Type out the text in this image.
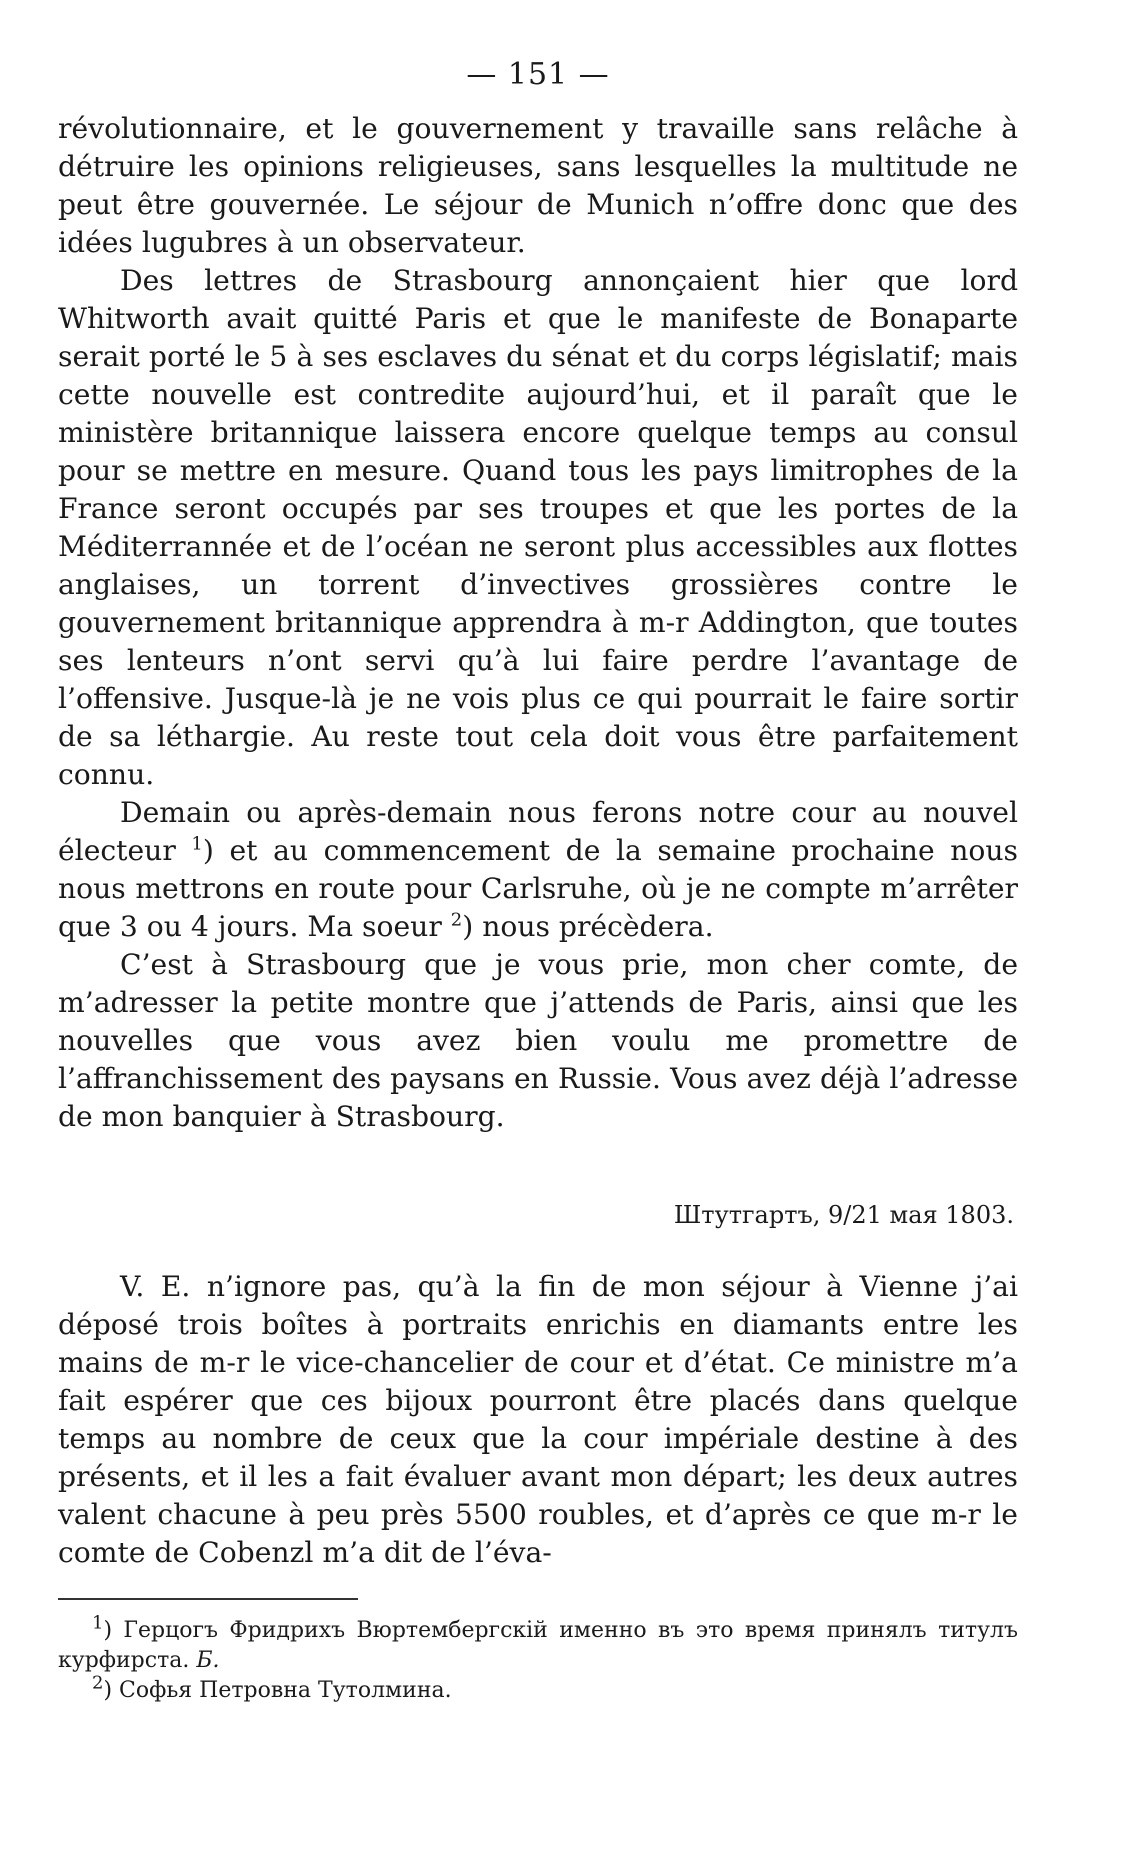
— 151 —

révolutionnaire, et le gouvernement y travaille sans relâche à détruire les opinions religieuses, sans lesquelles la multitude ne peut être gouvernée. Le séjour de Munich n’offre donc que des idées lugubres à un observateur.

Des lettres de Strasbourg annonçaient hier que lord Whitworth avait quitté Paris et que le manifeste de Bonaparte serait porté le 5 à ses esclaves du sénat et du corps législatif; mais cette nouvelle est contredite aujourd’hui, et il paraît que le ministère britannique laissera encore quelque temps au consul pour se mettre en mesure. Quand tous les pays limitrophes de la France seront occupés par ses troupes et que les portes de la Méditerrannée et de l’océan ne seront plus accessibles aux flottes anglaises, un torrent d’invectives grossières contre le gouvernement britannique apprendra à m-r Addington, que toutes ses lenteurs n’ont servi qu’à lui faire perdre l’avantage de l’offensive. Jusque-là je ne vois plus ce qui pourrait le faire sortir de sa léthargie. Au reste tout cela doit vous être parfaitement connu.

Demain ou après-demain nous ferons notre cour au nouvel électeur $^1$) et au commencement de la semaine prochaine nous nous mettrons en route pour Carlsruhe, où je ne compte m’arrêter que 3 ou 4 jours. Ma soeur $^2$) nous précèdera.

C’est à Strasbourg que je vous prie, mon cher comte, de m’adresser la petite montre que j’attends de Paris, ainsi que les nouvelles que vous avez bien voulu me promettre de l’affranchissement des paysans en Russie. Vous avez déjà l’adresse de mon banquier à Strasbourg.

Штутгартъ, 9/21 мая 1803.

V. E. n’ignore pas, qu’à la fin de mon séjour à Vienne j’ai déposé trois boîtes à portraits enrichis en diamants entre les mains de m-r le vice-chancelier de cour et d’état. Ce ministre m’a fait espérer que ces bijoux pourront être placés dans quelque temps au nombre de ceux que la cour impériale destine à des présents, et il les a fait évaluer avant mon départ; les deux autres valent chacune à peu près 5500 roubles, et d’après ce que m-r le comte de Cobenzl m’a dit de l’éva-

$^1$) Герцогъ Фридрихъ Вюртембергскій именно въ это время принялъ титулъ курфирста. Б.

$^2$) Софья Петровна Тутолмина.
